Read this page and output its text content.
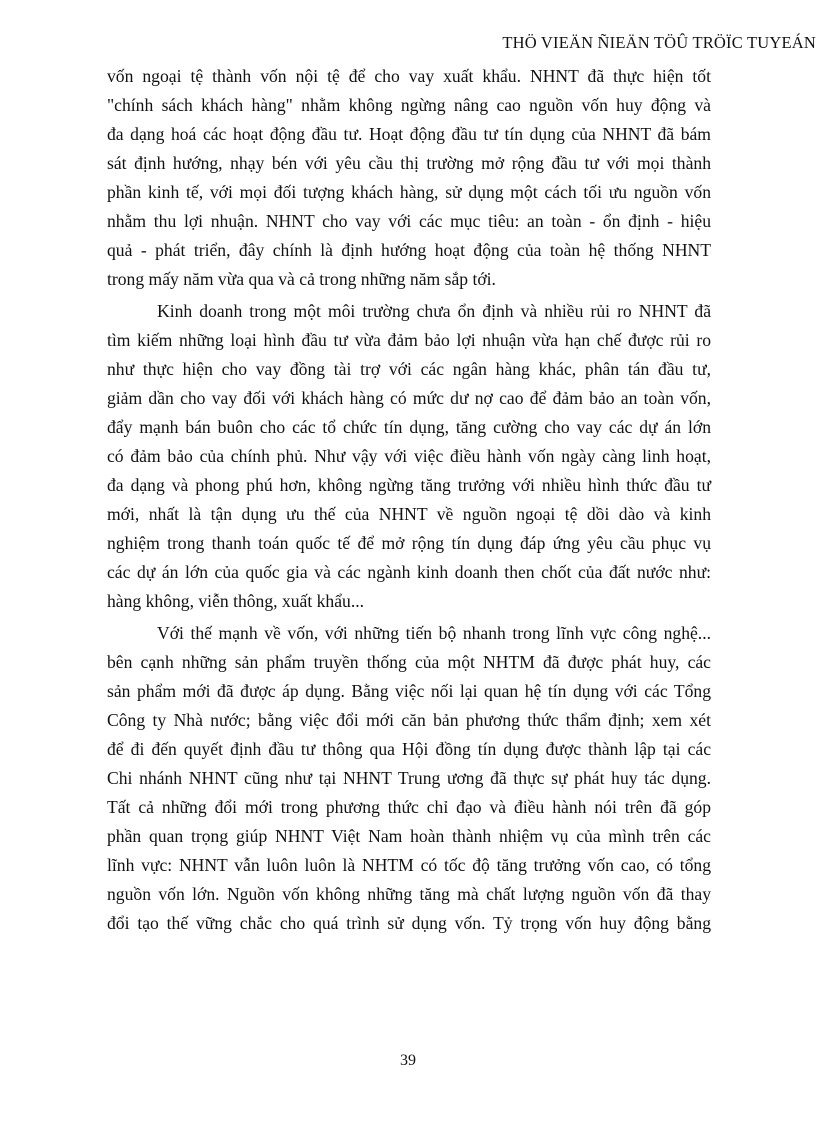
THÖ VIEÄN ÑIEÄN TÖÛ TRÖÏC TUYEÁN
vốn ngoại tệ thành vốn nội tệ để cho vay xuất khẩu. NHNT đã thực hiện tốt
"chính sách khách hàng" nhằm không ngừng nâng cao nguồn vốn huy động và
đa dạng hoá các hoạt động đầu tư. Hoạt động đầu tư tín dụng của NHNT đã bám
sát định hướng, nhạy bén với yêu cầu thị trường mở rộng đầu tư với mọi thành
phần kinh tế, với mọi đối tượng khách hàng, sử dụng một cách tối ưu nguồn vốn
nhằm thu lợi nhuận. NHNT cho vay với các mục tiêu: an toàn - ổn định - hiệu
quả - phát triển, đây chính là định hướng hoạt động của toàn hệ thống NHNT
trong mấy năm vừa qua và cả trong những năm sắp tới.
Kinh doanh trong một môi trường chưa ổn định và nhiều rủi ro NHNT đã
tìm kiếm những loại hình đầu tư vừa đảm bảo lợi nhuận vừa hạn chế được rủi ro
như thực hiện cho vay đồng tài trợ với các ngân hàng khác, phân tán đầu tư,
giảm dần cho vay đối với khách hàng có mức dư nợ cao để đảm bảo an toàn vốn,
đẩy mạnh bán buôn cho các tổ chức tín dụng, tăng cường cho vay các dự án lớn
có đảm bảo của chính phủ. Như vậy với việc điều hành vốn ngày càng linh hoạt,
đa dạng và phong phú hơn, không ngừng tăng trưởng với nhiều hình thức đầu tư
mới, nhất là tận dụng ưu thế của NHNT về nguồn ngoại tệ dồi dào và kinh
nghiệm trong thanh toán quốc tế để mở rộng tín dụng đáp ứng yêu cầu phục vụ
các dự án lớn của quốc gia và các ngành kinh doanh then chốt của đất nước như:
hàng không, viễn thông, xuất khẩu...
Với thế mạnh về vốn, với những tiến bộ nhanh trong lĩnh vực công nghệ...
bên cạnh những sản phẩm truyền thống của một NHTM đã được phát huy, các
sản phẩm mới đã được áp dụng. Bằng việc nối lại quan hệ tín dụng với các Tổng
Công ty Nhà nước; bằng việc đổi mới căn bản phương thức thẩm định; xem xét
để đi đến quyết định đầu tư thông qua Hội đồng tín dụng được thành lập tại các
Chi nhánh NHNT cũng như tại NHNT Trung ương đã thực sự phát huy tác dụng.
Tất cả những đổi mới trong phương thức chỉ đạo và điều hành nói trên đã góp
phần quan trọng giúp NHNT Việt Nam hoàn thành nhiệm vụ của mình trên các
lĩnh vực: NHNT vẫn luôn luôn là NHTM có tốc độ tăng trưởng vốn cao, có tổng
nguồn vốn lớn. Nguồn vốn không những tăng mà chất lượng nguồn vốn đã thay
đổi tạo thế vững chắc cho quá trình sử dụng vốn. Tỷ trọng vốn huy động bằng
39
